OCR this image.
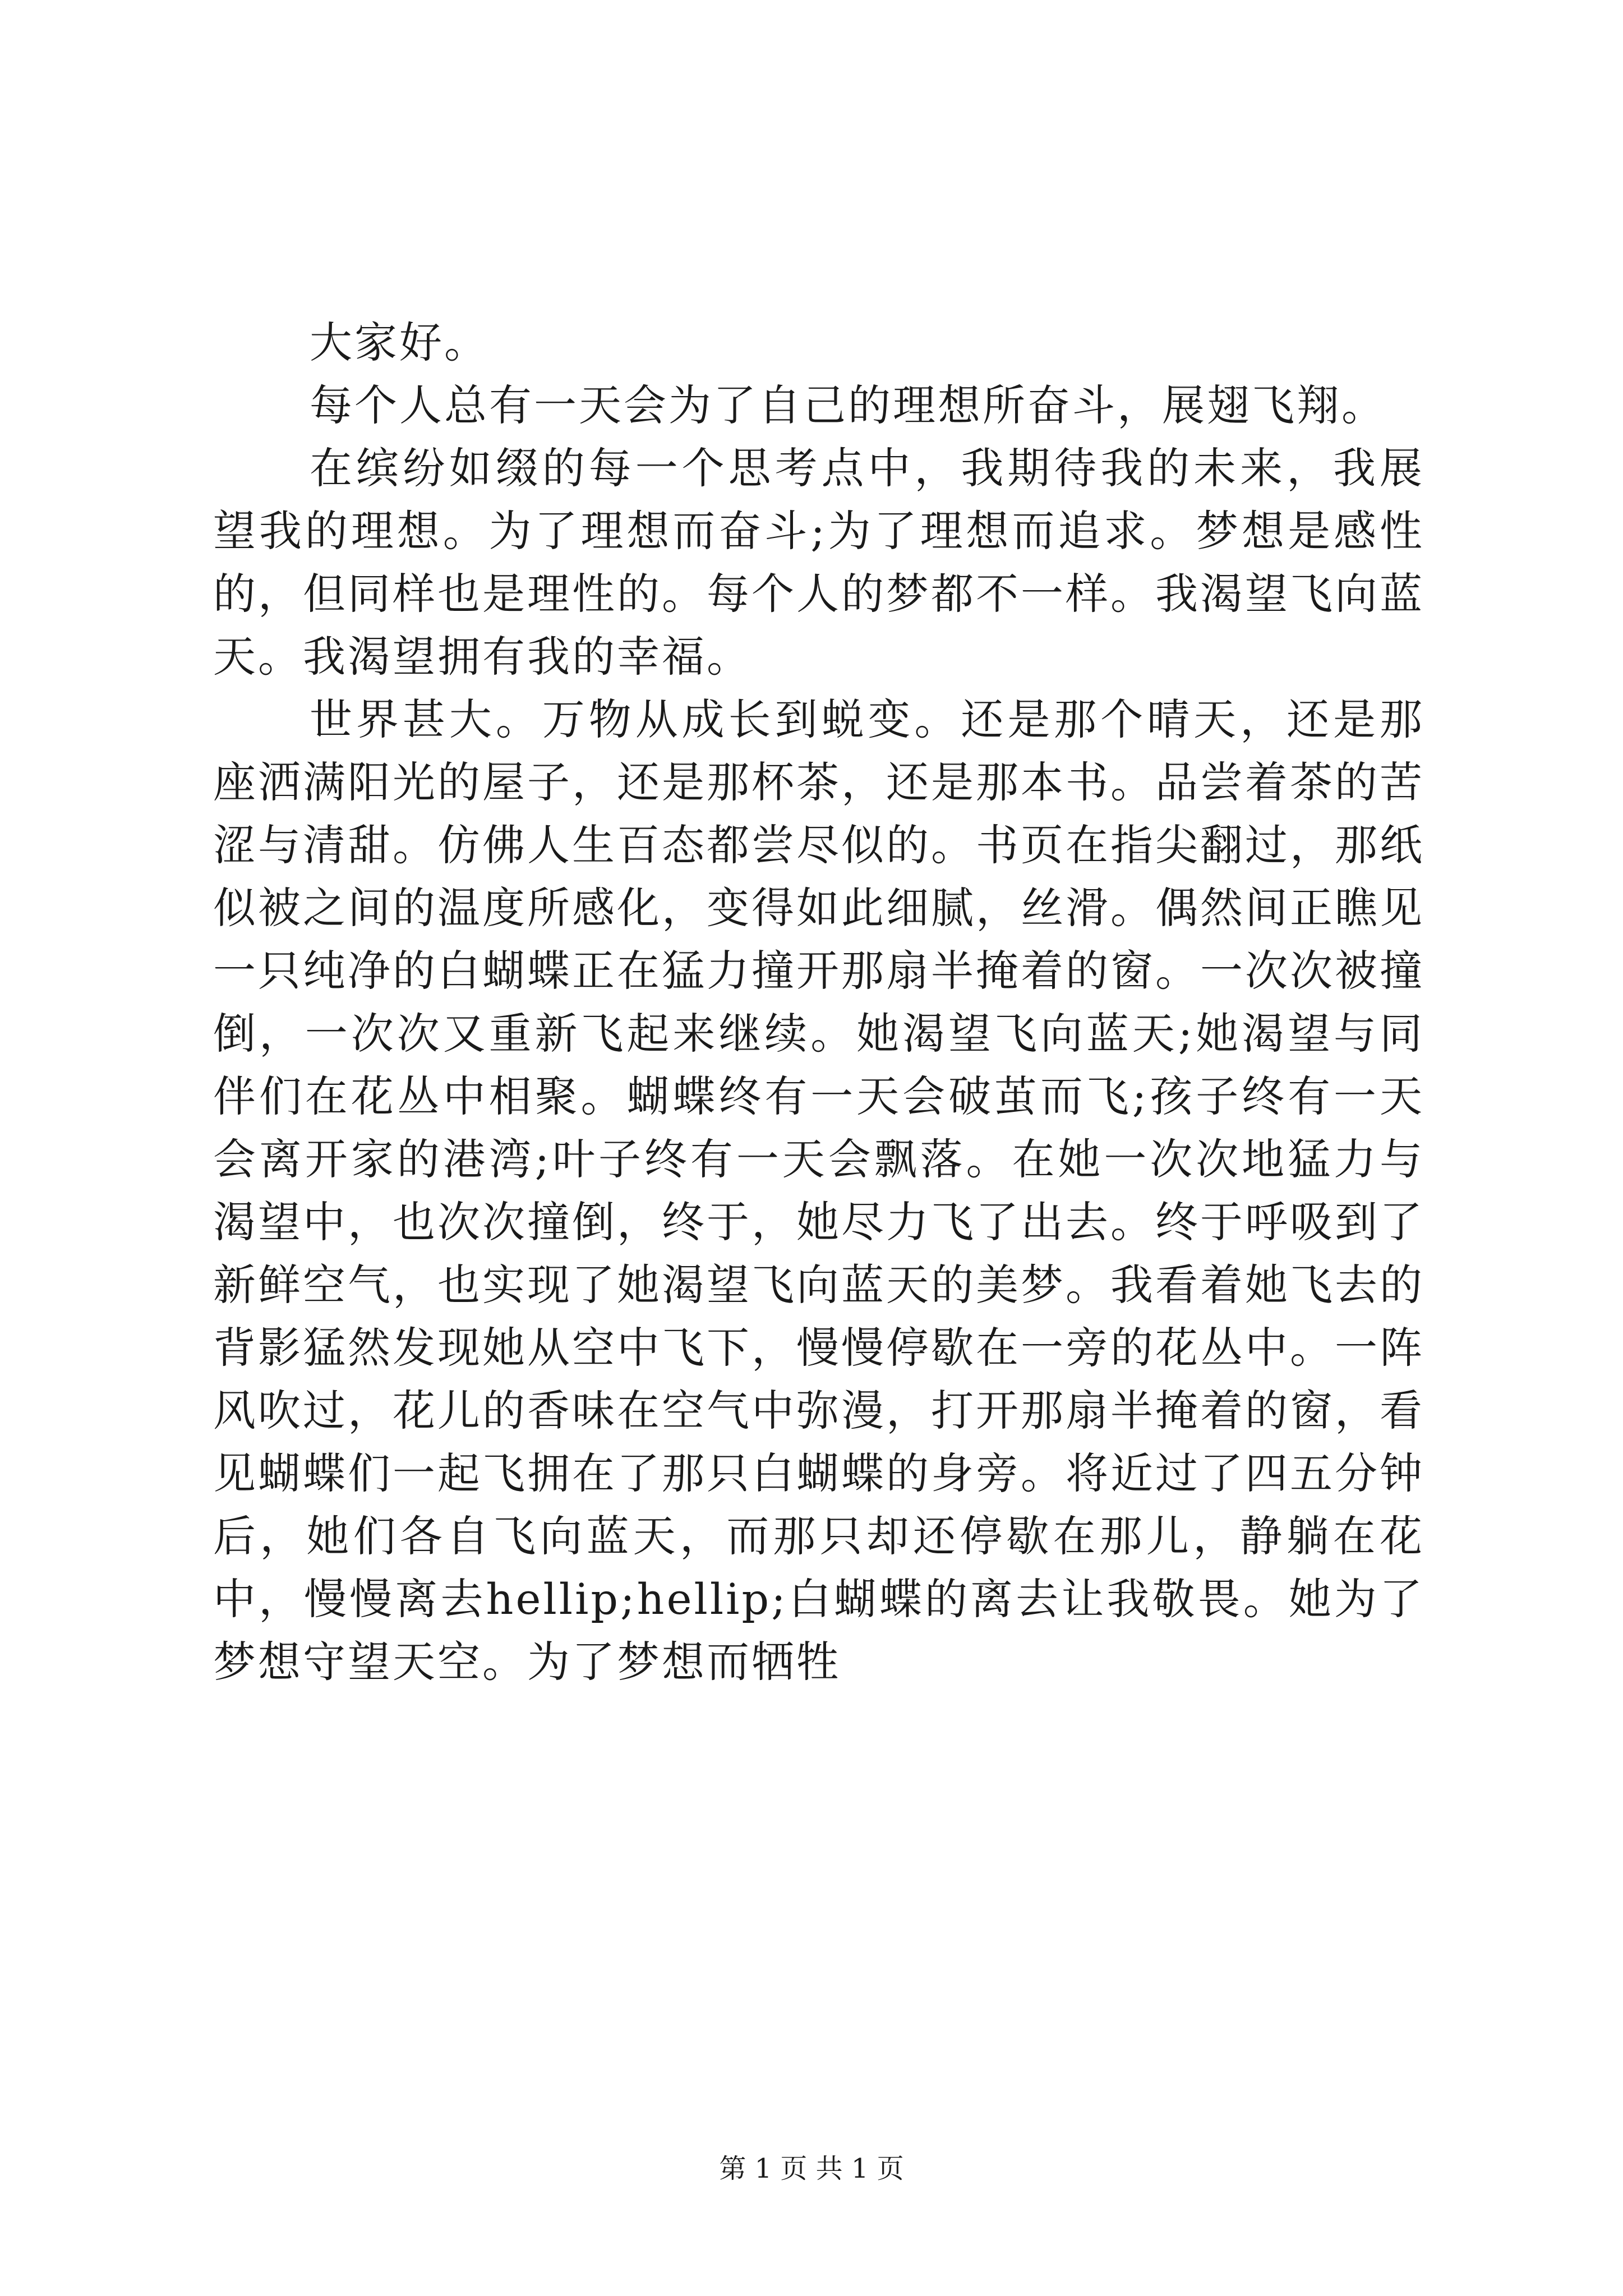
大家好。

每个人总有一天会为了自己的理想所奋斗，展翅飞翔。

在缤纷如缀的每一个思考点中，我期待我的未来，我展望我的理想。为了理想而奋斗;为了理想而追求。梦想是感性的，但同样也是理性的。每个人的梦都不一样。我渴望飞向蓝天。我渴望拥有我的幸福。

世界甚大。万物从成长到蜕变。还是那个晴天，还是那座洒满阳光的屋子，还是那杯茶，还是那本书。品尝着茶的苦涩与清甜。仿佛人生百态都尝尽似的。书页在指尖翻过，那纸似被之间的温度所感化，变得如此细腻，丝滑。偶然间正瞧见一只纯净的白蝴蝶正在猛力撞开那扇半掩着的窗。一次次被撞倒，一次次又重新飞起来继续。她渴望飞向蓝天;她渴望与同伴们在花丛中相聚。蝴蝶终有一天会破茧而飞;孩子终有一天会离开家的港湾;叶子终有一天会飘落。在她一次次地猛力与渴望中，也次次撞倒，终于，她尽力飞了出去。终于呼吸到了新鲜空气，也实现了她渴望飞向蓝天的美梦。我看着她飞去的背影猛然发现她从空中飞下，慢慢停歇在一旁的花丛中。一阵风吹过，花儿的香味在空气中弥漫，打开那扇半掩着的窗，看见蝴蝶们一起飞拥在了那只白蝴蝶的身旁。将近过了四五分钟后，她们各自飞向蓝天，而那只却还停歇在那儿，静躺在花中，慢慢离去hellip;hellip;白蝴蝶的离去让我敬畏。她为了梦想守望天空。为了梦想而牺牲

第 1 页 共 1 页
